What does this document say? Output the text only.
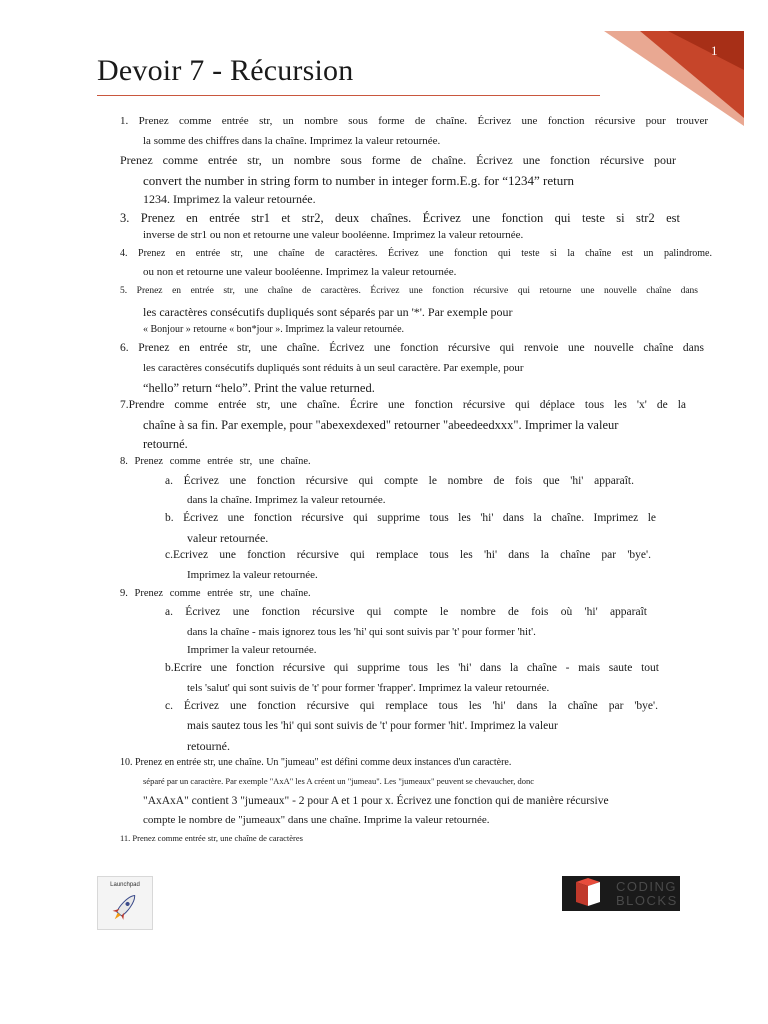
1
Devoir 7 - Récursion
1. Prenez comme entrée str, un nombre sous forme de chaîne. Écrivez une fonction récursive pour trouver
la somme des chiffres dans la chaîne. Imprimez la valeur retournée.
Prenez comme entrée str, un nombre sous forme de chaîne. Écrivez une fonction récursive pour
convert the number in string form to number in integer form.E.g. for “1234” return
1234. Imprimez la valeur retournée.
3. Prenez en entrée str1 et str2, deux chaînes. Écrivez une fonction qui teste si str2 est
inverse de str1 ou non et retourne une valeur booléenne. Imprimez la valeur retournée.
4. Prenez en entrée str, une chaîne de caractères. Écrivez une fonction qui teste si la chaîne est un palindrome.
ou non et retourne une valeur booléenne. Imprimez la valeur retournée.
5. Prenez en entrée str, une chaîne de caractères. Écrivez une fonction récursive qui retourne une nouvelle chaîne dans
les caractères consécutifs dupliqués sont séparés par un '*'. Par exemple pour
« Bonjour » retourne « bon*jour ». Imprimez la valeur retournée.
6. Prenez en entrée str, une chaîne. Écrivez une fonction récursive qui renvoie une nouvelle chaîne dans
les caractères consécutifs dupliqués sont réduits à un seul caractère. Par exemple, pour
“hello” return “helo”. Print the value returned.
7.Prendre comme entrée str, une chaîne. Écrire une fonction récursive qui déplace tous les 'x' de la
chaîne à sa fin. Par exemple, pour "abexexdexed" retourner "abeedeedxxx". Imprimer la valeur
retourné.
8. Prenez comme entrée str, une chaîne.
a. Écrivez une fonction récursive qui compte le nombre de fois que 'hi' apparaît.
dans la chaîne. Imprimez la valeur retournée.
b. Écrivez une fonction récursive qui supprime tous les 'hi' dans la chaîne. Imprimez le
valeur retournée.
c.Ecrivez une fonction récursive qui remplace tous les 'hi' dans la chaîne par 'bye'.
Imprimez la valeur retournée.
9. Prenez comme entrée str, une chaîne.
a. Écrivez une fonction récursive qui compte le nombre de fois où 'hi' apparaît
dans la chaîne - mais ignorez tous les 'hi' qui sont suivis par 't' pour former 'hit'.
Imprimer la valeur retournée.
b.Ecrire une fonction récursive qui supprime tous les 'hi' dans la chaîne - mais saute tout
tels 'salut' qui sont suivis de 't' pour former 'frapper'. Imprimez la valeur retournée.
c. Écrivez une fonction récursive qui remplace tous les 'hi' dans la chaîne par 'bye'.
mais sautez tous les 'hi' qui sont suivis de 't' pour former 'hit'. Imprimez la valeur
retourné.
10. Prenez en entrée str, une chaîne. Un "jumeau" est défini comme deux instances d'un caractère.
séparé par un caractère. Par exemple "AxA" les A créent un "jumeau". Les "jumeaux" peuvent se chevaucher, donc
"AxAxA" contient 3 "jumeaux" - 2 pour A et 1 pour x. Écrivez une fonction qui de manière récursive
compte le nombre de "jumeaux" dans une chaîne. Imprime la valeur retournée.
11. Prenez comme entrée str, une chaîne de caractères
Launchpad	CODING
BLOCKS
